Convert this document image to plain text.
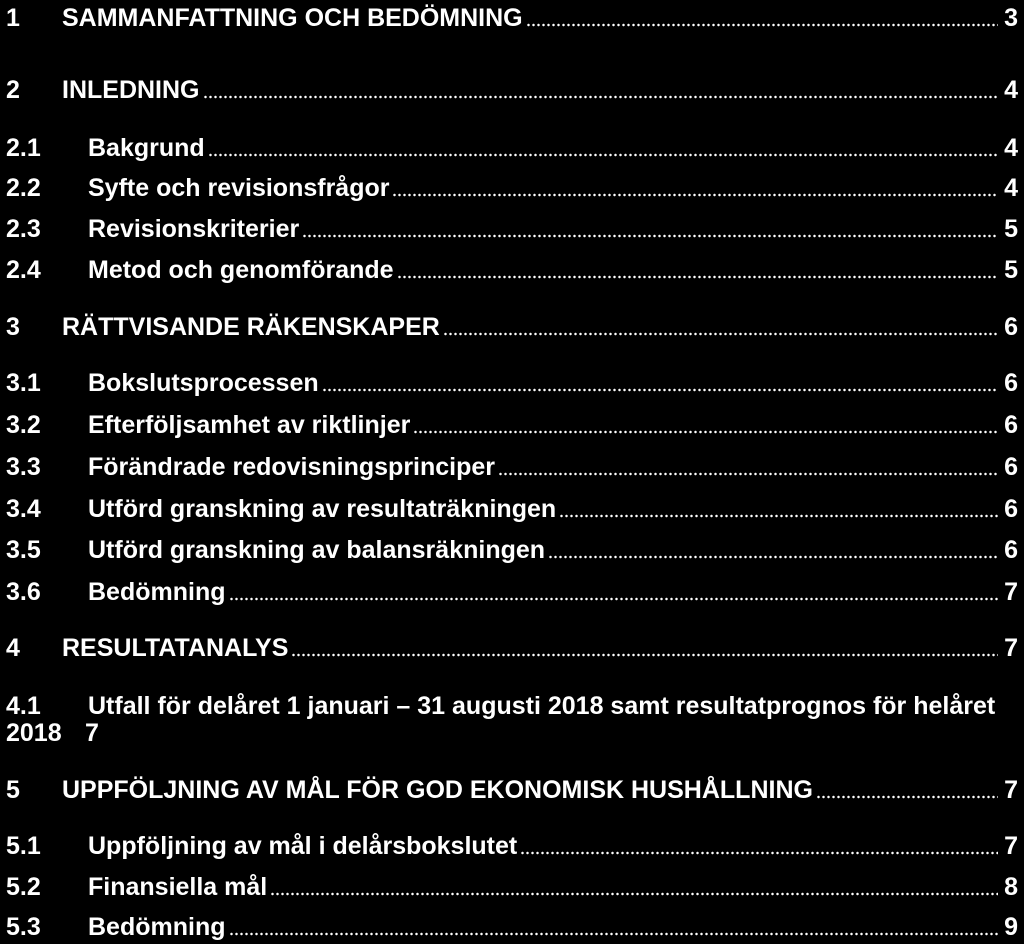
1 SAMMANFATTNING OCH BEDÖMNING	3
2 INLEDNING	4
2.1 Bakgrund	4
2.2 Syfte och revisionsfrågor	4
2.3 Revisionskriterier	5
2.4 Metod och genomförande	5
3 RÄTTVISANDE RÄKENSKAPER	6
3.1 Bokslutsprocessen	6
3.2 Efterföljsamhet av riktlinjer	6
3.3 Förändrade redovisningsprinciper	6
3.4 Utförd granskning av resultaträkningen	6
3.5 Utförd granskning av balansräkningen	6
3.6 Bedömning	7
4 RESULTATANALYS	7
4.1 Utfall för delåret 1 januari – 31 augusti 2018 samt resultatprognos för helåret
2018 7
5 UPPFÖLJNING AV MÅL FÖR GOD EKONOMISK HUSHÅLLNING	7
5.1 Uppföljning av mål i delårsbokslutet	7
5.2 Finansiella mål	8
5.3 Bedömning	9
